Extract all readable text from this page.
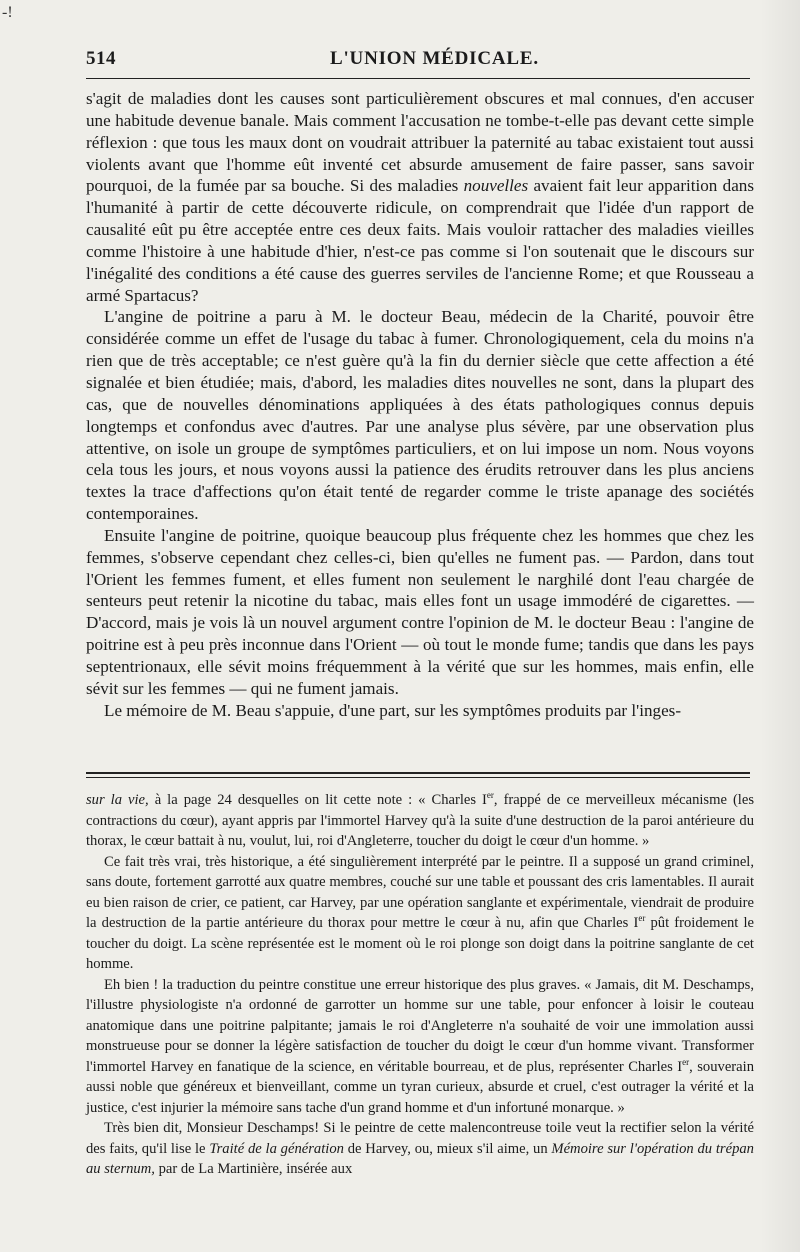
-!
514	L'UNION MÉDICALE.

s'agit de maladies dont les causes sont particulièrement obscures et mal connues, d'en accuser une habitude devenue banale. Mais comment l'accusation ne tombe-t-elle pas devant cette simple réflexion : que tous les maux dont on voudrait attribuer la paternité au tabac existaient tout aussi violents avant que l'homme eût inventé cet absurde amusement de faire passer, sans savoir pourquoi, de la fumée par sa bouche. Si des maladies nouvelles avaient fait leur apparition dans l'humanité à partir de cette découverte ridicule, on comprendrait que l'idée d'un rapport de causalité eût pu être acceptée entre ces deux faits. Mais vouloir rattacher des maladies vieilles comme l'histoire à une habitude d'hier, n'est-ce pas comme si l'on soutenait que le discours sur l'inégalité des conditions a été cause des guerres serviles de l'ancienne Rome; et que Rousseau a armé Spartacus?

L'angine de poitrine a paru à M. le docteur Beau, médecin de la Charité, pouvoir être considérée comme un effet de l'usage du tabac à fumer. Chronologiquement, cela du moins n'a rien que de très acceptable; ce n'est guère qu'à la fin du dernier siècle que cette affection a été signalée et bien étudiée; mais, d'abord, les maladies dites nouvelles ne sont, dans la plupart des cas, que de nouvelles dénominations appliquées à des états pathologiques connus depuis longtemps et confondus avec d'autres. Par une analyse plus sévère, par une observation plus attentive, on isole un groupe de symptômes particuliers, et on lui impose un nom. Nous voyons cela tous les jours, et nous voyons aussi la patience des érudits retrouver dans les plus anciens textes la trace d'affections qu'on était tenté de regarder comme le triste apanage des sociétés contemporaines.

Ensuite l'angine de poitrine, quoique beaucoup plus fréquente chez les hommes que chez les femmes, s'observe cependant chez celles-ci, bien qu'elles ne fument pas. — Pardon, dans tout l'Orient les femmes fument, et elles fument non seulement le narghilé dont l'eau chargée de senteurs peut retenir la nicotine du tabac, mais elles font un usage immodéré de cigarettes. — D'accord, mais je vois là un nouvel argument contre l'opinion de M. le docteur Beau : l'angine de poitrine est à peu près inconnue dans l'Orient — où tout le monde fume; tandis que dans les pays septentrionaux, elle sévit moins fréquemment à la vérité que sur les hommes, mais enfin, elle sévit sur les femmes — qui ne fument jamais.

Le mémoire de M. Beau s'appuie, d'une part, sur les symptômes produits par l'inges-

sur la vie, à la page 24 desquelles on lit cette note : « Charles Ier, frappé de ce merveilleux mécanisme (les contractions du cœur), ayant appris par l'immortel Harvey qu'à la suite d'une destruction de la paroi antérieure du thorax, le cœur battait à nu, voulut, lui, roi d'Angleterre, toucher du doigt le cœur d'un homme. »

Ce fait très vrai, très historique, a été singulièrement interprété par le peintre. Il a supposé un grand criminel, sans doute, fortement garrotté aux quatre membres, couché sur une table et poussant des cris lamentables. Il aurait eu bien raison de crier, ce patient, car Harvey, par une opération sanglante et expérimentale, viendrait de produire la destruction de la partie antérieure du thorax pour mettre le cœur à nu, afin que Charles Ier pût froidement le toucher du doigt. La scène représentée est le moment où le roi plonge son doigt dans la poitrine sanglante de cet homme.

Eh bien ! la traduction du peintre constitue une erreur historique des plus graves. « Jamais, dit M. Deschamps, l'illustre physiologiste n'a ordonné de garrotter un homme sur une table, pour enfoncer à loisir le couteau anatomique dans une poitrine palpitante; jamais le roi d'Angleterre n'a souhaité de voir une immolation aussi monstrueuse pour se donner la légère satisfaction de toucher du doigt le cœur d'un homme vivant. Transformer l'immortel Harvey en fanatique de la science, en véritable bourreau, et de plus, représenter Charles Ier, souverain aussi noble que généreux et bienveillant, comme un tyran curieux, absurde et cruel, c'est outrager la vérité et la justice, c'est injurier la mémoire sans tache d'un grand homme et d'un infortuné monarque. »

Très bien dit, Monsieur Deschamps! Si le peintre de cette malencontreuse toile veut la rectifier selon la vérité des faits, qu'il lise le Traité de la génération de Harvey, ou, mieux s'il aime, un Mémoire sur l'opération du trépan au sternum, par de La Martinière, insérée aux
